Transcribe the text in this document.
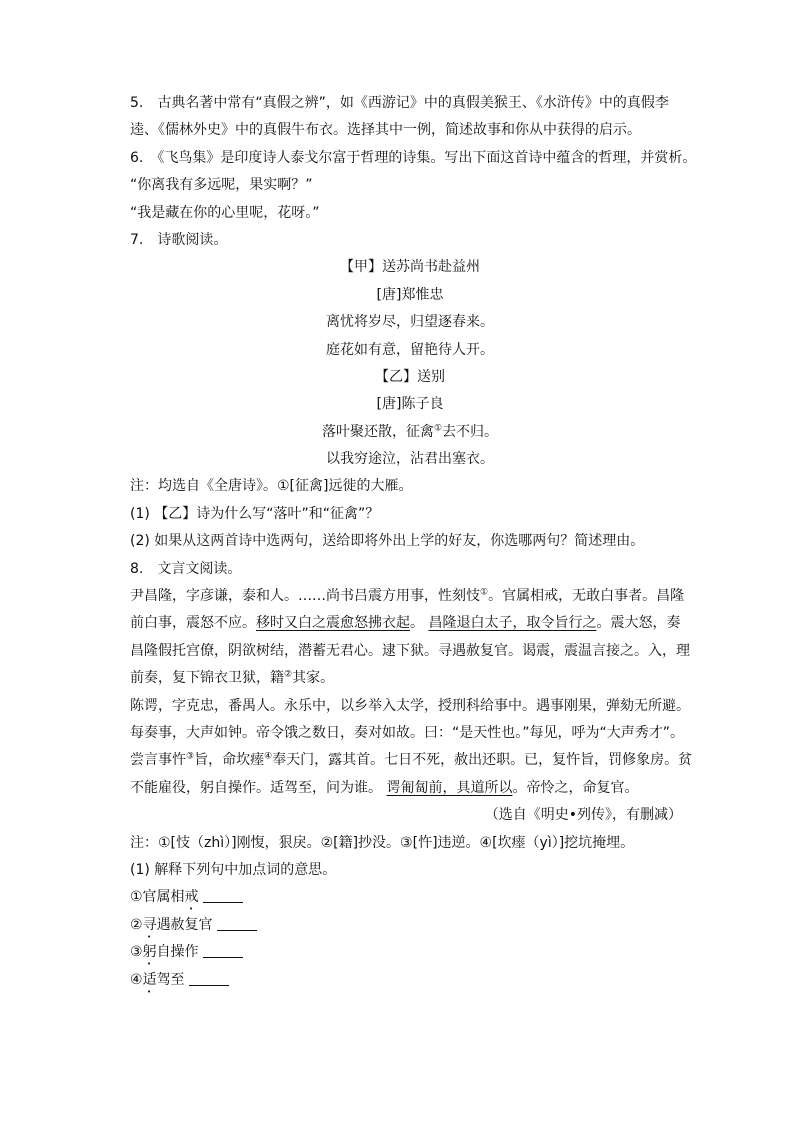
5.　古典名著中常有“真假之辨”，如《西游记》中的真假美猴王、《水浒传》中的真假李
逵、《儒林外史》中的真假牛布衣。选择其中一例，简述故事和你从中获得的启示。
6.　《飞鸟集》是印度诗人泰戈尔富于哲理的诗集。写出下面这首诗中蕴含的哲理，并赏析。
“你离我有多远呢，果实啊？”
“我是藏在你的心里呢，花呀。”
7.　诗歌阅读。
【甲】送苏尚书赴益州
[唐]郑惟忠
离忧将岁尽，归望逐春来。
庭花如有意，留艳待人开。
【乙】送别
[唐]陈子良
落叶聚还散，征禽①去不归。
以我穷途泣，沾君出塞衣。
注：均选自《全唐诗》。①[征禽]远徙的大雁。
(1) 【乙】诗为什么写“落叶”和“征禽”？
(2) 如果从这两首诗中选两句，送给即将外出上学的好友，你选哪两句？简述理由。
8.　文言文阅读。
尹昌隆，字彦谦，泰和人。……尚书吕震方用事，性刻忮①。官属相戒，无敢白事者。昌隆
前白事，震怒不应。移时又白之震愈怒拂衣起。 昌隆退白太子，取令旨行之。震大怒，奏
昌隆假托宫僚，阴欲树结，潜蓄无君心。逮下狱。寻遇赦复官。谒震，震温言接之。入，理
前奏，复下锦衣卫狱，籍②其家。
陈谔，字克忠，番禺人。永乐中，以乡举入太学，授刑科给事中。遇事刚果，弹劾无所避。
每奏事，大声如钟。帝令饿之数日，奏对如故。曰：“是天性也。”每见，呼为“大声秀才”。
尝言事忤③旨，命坎瘗④奉天门，露其首。七日不死，赦出还职。已，复忤旨，罚修象房。贫
不能雇役，躬自操作。适驾至，问为谁。 谔匍匐前，具道所以。帝怜之，命复官。
（选自《明史•列传》，有删减）
注：①[忮（zhì）]刚愎，狠戾。②[籍]抄没。③[忤]违逆。④[坎瘗（yì）]挖坑掩埋。
(1) 解释下列句中加点词的意思。
①官属相戒
②寻遇赦复官
③躬自操作
④适驾至
